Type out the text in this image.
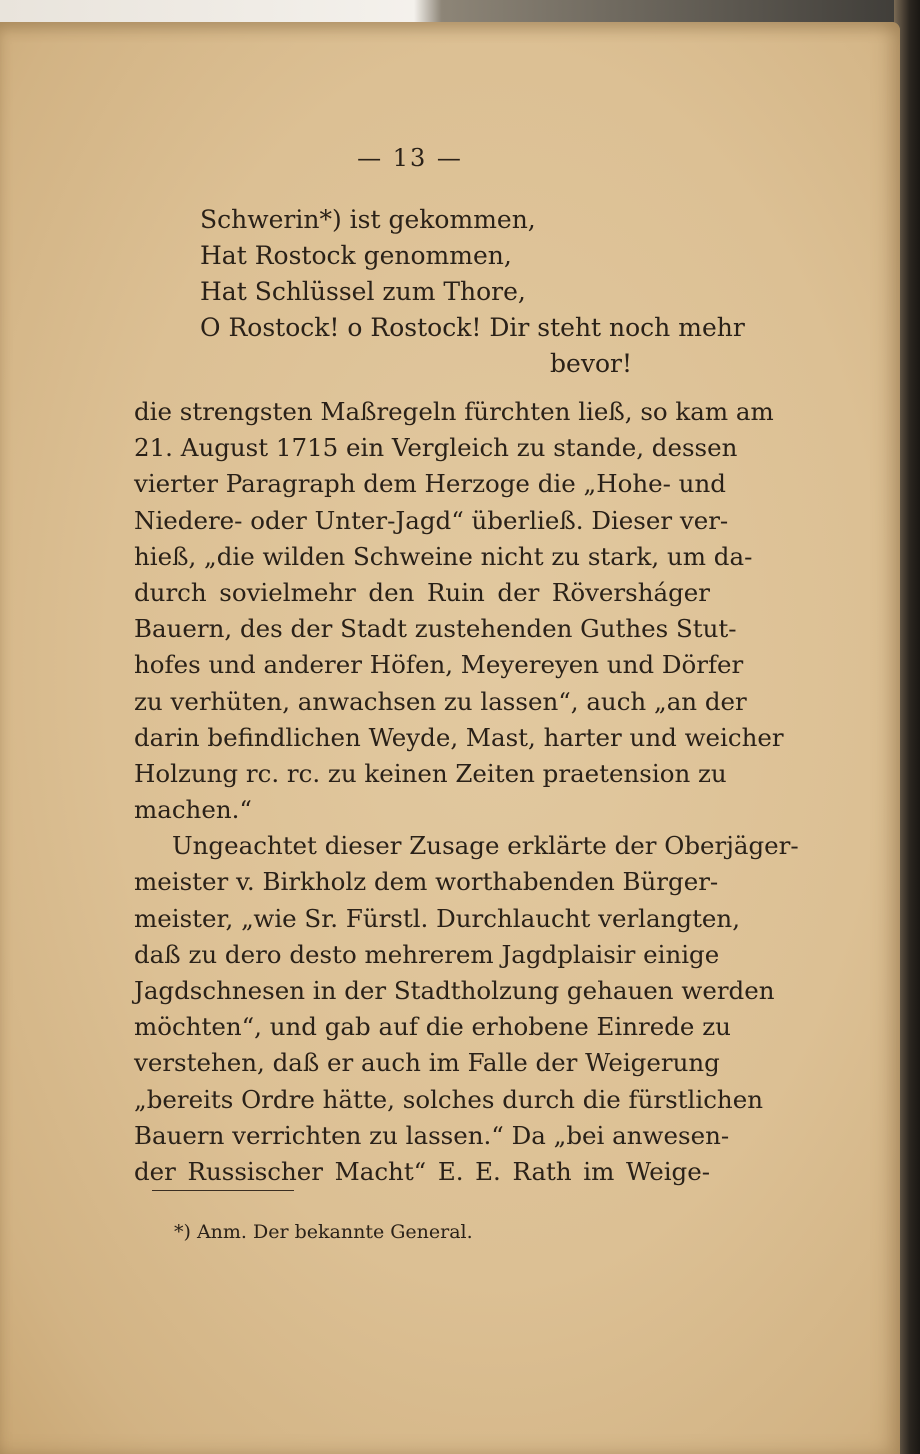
— 13 —
Schwerin*) ist gekommen,
Hat Rostock genommen,
Hat Schlüssel zum Thore,
O Rostock! o Rostock! Dir steht noch mehr
bevor!
die strengsten Maßregeln fürchten ließ, so kam am
21. August 1715 ein Vergleich zu stande, dessen
vierter Paragraph dem Herzoge die „Hohe- und
Niedere- oder Unter-Jagd“ überließ. Dieser ver-
hieß, „die wilden Schweine nicht zu stark, um da-
durch sovielmehr den Ruin der Röversháger
Bauern, des der Stadt zustehenden Guthes Stut-
hofes und anderer Höfen, Meyereyen und Dörfer
zu verhüten, anwachsen zu lassen“, auch „an der
darin befindlichen Weyde, Mast, harter und weicher
Holzung rc. rc. zu keinen Zeiten praetension zu
machen.“
Ungeachtet dieser Zusage erklärte der Oberjäger-
meister v. Birkholz dem worthabenden Bürger-
meister, „wie Sr. Fürstl. Durchlaucht verlangten,
daß zu dero desto mehrerem Jagdplaisir einige
Jagdschnesen in der Stadtholzung gehauen werden
möchten“, und gab auf die erhobene Einrede zu
verstehen, daß er auch im Falle der Weigerung
„bereits Ordre hätte, solches durch die fürstlichen
Bauern verrichten zu lassen.“ Da „bei anwesen-
der Russischer Macht“ E. E. Rath im Weige-
*) Anm. Der bekannte General.
